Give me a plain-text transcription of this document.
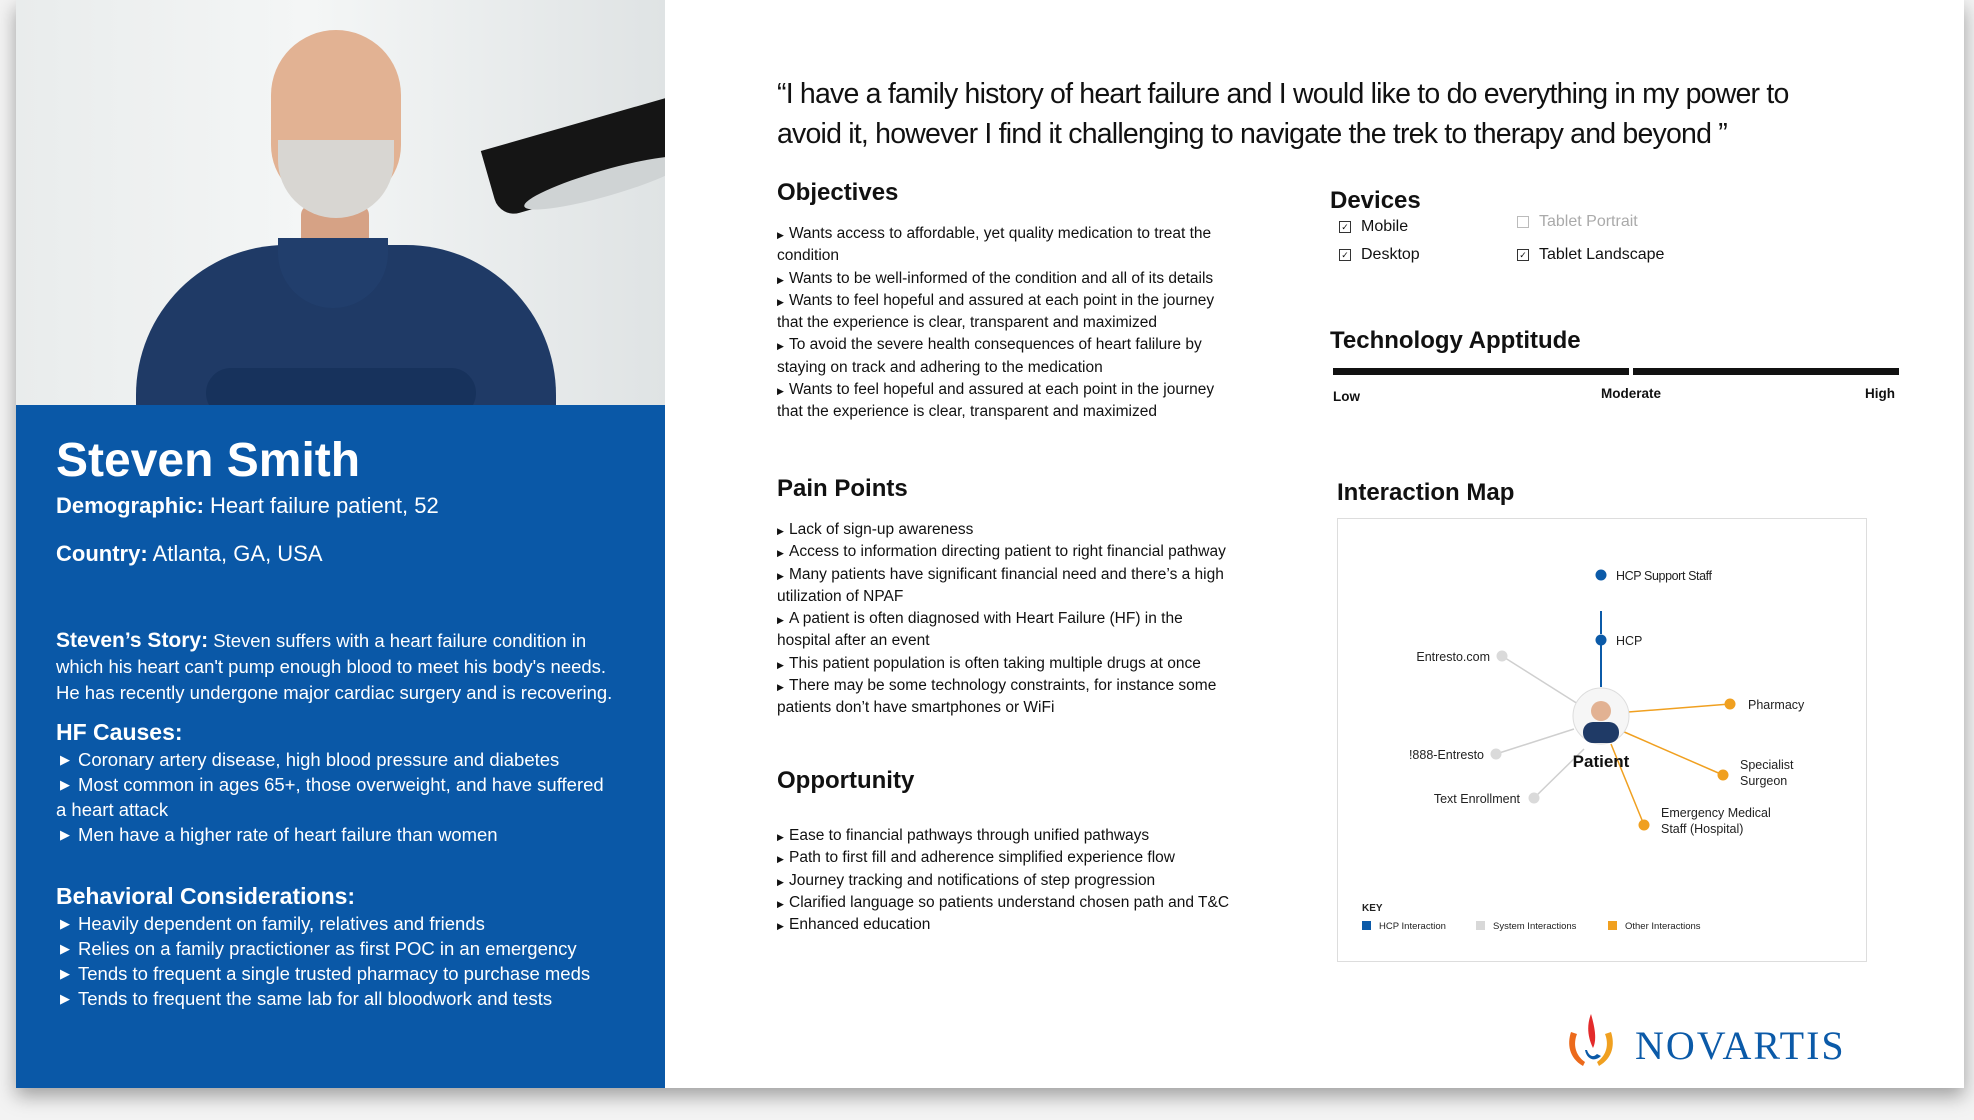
Steven Smith
Demographic: Heart failure patient, 52
Country: Atlanta, GA, USA
Steven’s Story: Steven suffers with a heart failure condition in
which his heart can't pump enough blood to meet his body's needs.
He has recently undergone major cardiac surgery and is recovering.
HF Causes:
▶ Coronary artery disease, high blood pressure and diabetes
▶ Most common in ages 65+, those overweight, and have suffered
a heart attack
▶ Men have a higher rate of heart failure than women
Behavioral Considerations:
▶ Heavily dependent on family, relatives and friends
▶ Relies on a family practictioner as first POC in an emergency
▶ Tends to frequent a single trusted pharmacy to purchase meds
▶ Tends to frequent the same lab for all bloodwork and tests
“I have a family history of heart failure and I would like to do everything in my power to
avoid it, however I find it challenging to navigate the trek to therapy and beyond ”
Objectives
▶ Wants access to affordable, yet quality medication to treat the
condition
▶ Wants to be well-informed of the condition and all of its details
▶ Wants to feel hopeful and assured at each point in the journey
that the experience is clear, transparent and maximized
▶ To avoid the severe health consequences of heart falilure by
staying on track and adhering to the medication
▶ Wants to feel hopeful and assured at each point in the journey
that the experience is clear, transparent and maximized
Pain Points
▶ Lack of sign-up awareness
▶ Access to information directing patient to right financial pathway
▶ Many patients have significant financial need and there’s a high
utilization of NPAF
▶ A patient is often diagnosed with Heart Failure (HF) in the
hospital after an event
▶ This patient population is often taking multiple drugs at once
▶ There may be some technology constraints, for instance some
patients don’t have smartphones or WiFi
Opportunity
▶ Ease to financial pathways through unified pathways
▶ Path to first fill and adherence simplified experience flow
▶ Journey tracking and notifications of step progression
▶ Clarified language so patients understand chosen path and T&C
▶ Enhanced education
Devices
✓ Mobile
✓ Desktop
Tablet Portrait
✓ Tablet Landscape
Technology Apptitude
Low	Moderate	High
Interaction Map
Patient
HCP Support Staff
HCP
Entresto.com
Pharmacy
!888-Entresto
Specialist
Surgeon
Text Enrollment
Emergency Medical
Staff (Hospital)
KEY
HCP Interaction	System Interactions	Other Interactions
NOVARTIS
